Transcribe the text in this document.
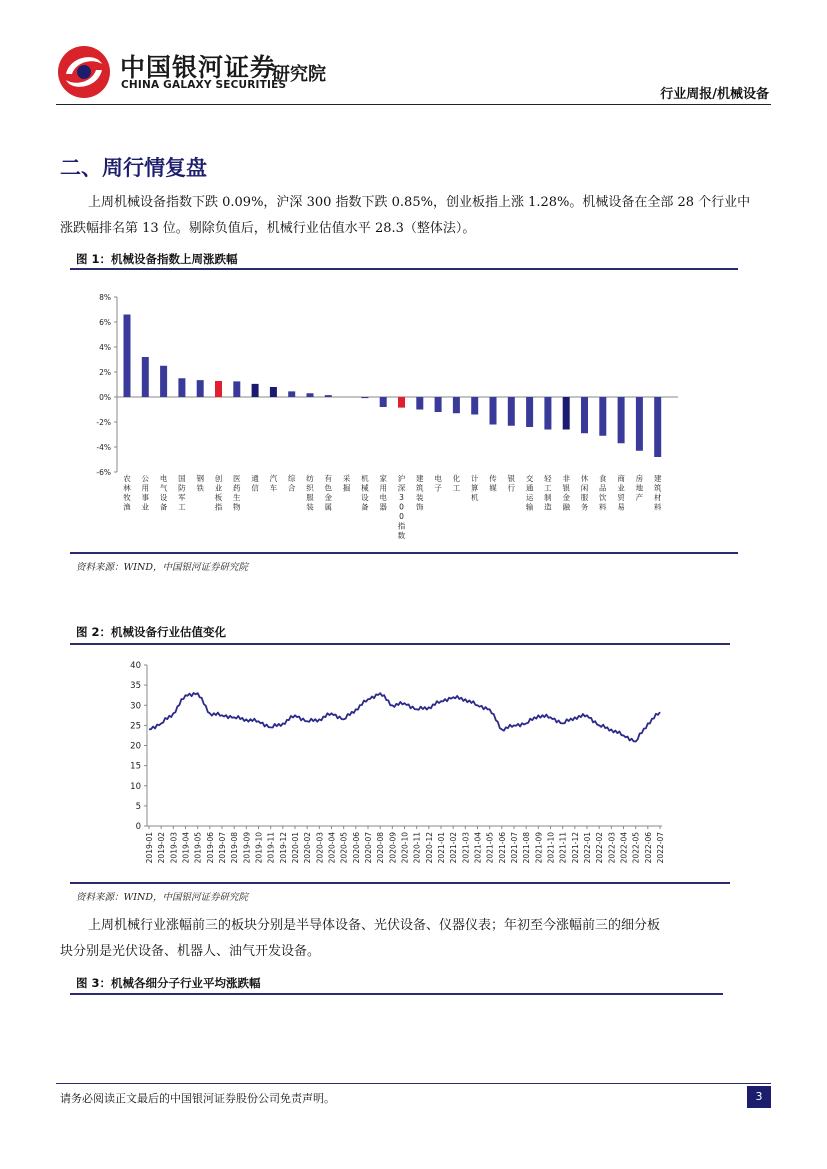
中国银河证券
CHINA GALAXY SECURITIES
研究院
行业周报/机械设备
二、周行情复盘
上周机械设备指数下跌 0.09%，沪深 300 指数下跌 0.85%，创业板指上涨 1.28%。机械设备在全部 28 个行业中涨跌幅排名第 13 位。剔除负值后，机械行业估值水平 28.3（整体法）。
图 1：机械设备指数上周涨跌幅
8%
6%
4%
2%
0%
-2%
-4%
-6%
农林牧渔
公用事业
电气设备
国防军工
钢铁
创业板指
医药生物
通信
汽车
综合
纺织服装
有色金属
采掘
机械设备
家用电器
沪深 3 0 0 指数
建筑装饰
电子
化工
计算机
传媒
银行
交通运输
轻工制造
非银金融
休闲服务
食品饮料
商业贸易
房地产
建筑材料
资料来源：WIND，中国银河证券研究院
图 2：机械设备行业估值变化
40
35
30
25
20
15
10
5
0
2019-01 2019-02 2019-03 2019-04 2019-05 2019-06 2019-07 2019-08 2019-09 2019-10 2019-11 2019-12 2020-01 2020-02 2020-03 2020-04 2020-05 2020-06 2020-07 2020-08 2020-09 2020-10 2020-11 2020-12 2021-01 2021-02 2021-03 2021-04 2021-05 2021-06 2021-07 2021-08 2021-09 2021-10 2021-11 2021-12 2022-01 2022-02 2022-03 2022-04 2022-05 2022-06 2022-07
资料来源：WIND，中国银河证券研究院
上周机械行业涨幅前三的板块分别是半导体设备、光伏设备、仪器仪表；年初至今涨幅前三的细分板块分别是光伏设备、机器人、油气开发设备。
图 3：机械各细分子行业平均涨跌幅
请务必阅读正文最后的中国银河证券股份公司免责声明。	3
